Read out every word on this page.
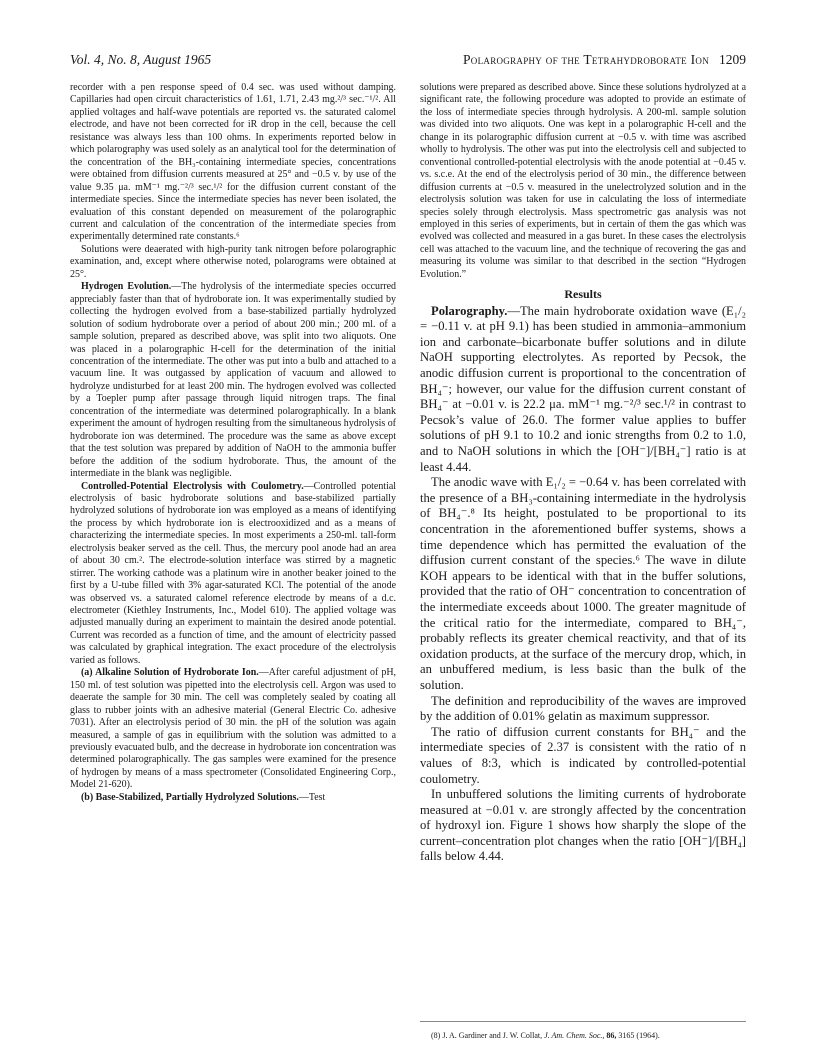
Vol. 4, No. 8, August 1965	Polarography of the Tetrahydroborate Ion 1209

recorder with a pen response speed of 0.4 sec. was used without damping. Capillaries had open circuit characteristics of 1.61, 1.71, 2.43 mg.²/³ sec.⁻¹/². All applied voltages and half-wave potentials are reported vs. the saturated calomel electrode, and have not been corrected for iR drop in the cell, because the cell resistance was always less than 100 ohms. In experiments reported below in which polarography was used solely as an analytical tool for the determination of the concentration of the BH₃-containing intermediate species, concentrations were obtained from diffusion currents measured at 25° and −0.5 v. by use of the value 9.35 μa. mM⁻¹ mg.⁻²/³ sec.¹/² for the diffusion current constant of the intermediate species. Since the intermediate species has never been isolated, the evaluation of this constant depended on measurement of the polarographic current and calculation of the concentration of the intermediate species from experimentally determined rate constants.⁶

Solutions were deaerated with high-purity tank nitrogen before polarographic examination, and, except where otherwise noted, polarograms were obtained at 25°.

Hydrogen Evolution.—The hydrolysis of the intermediate species occurred appreciably faster than that of hydroborate ion. It was experimentally studied by collecting the hydrogen evolved from a base-stabilized partially hydrolyzed solution of sodium hydroborate over a period of about 200 min.; 200 ml. of a sample solution, prepared as described above, was split into two aliquots. One was placed in a polarographic H-cell for the determination of the initial concentration of the intermediate. The other was put into a bulb and attached to a vacuum line. It was outgassed by application of vacuum and allowed to hydrolyze undisturbed for at least 200 min. The hydrogen evolved was collected by a Toepler pump after passage through liquid nitrogen traps. The final concentration of the intermediate was determined polarographically. In a blank experiment the amount of hydrogen resulting from the simultaneous hydrolysis of hydroborate ion was determined. The procedure was the same as above except that the test solution was prepared by addition of NaOH to the ammonia buffer before the addition of the sodium hydroborate. Thus, the amount of the intermediate in the blank was negligible.

Controlled-Potential Electrolysis with Coulometry.—Controlled potential electrolysis of basic hydroborate solutions and base-stabilized partially hydrolyzed solutions of hydroborate ion was employed as a means of identifying the process by which hydroborate ion is electrooxidized and as a means of characterizing the intermediate species. In most experiments a 250-ml. tall-form electrolysis beaker served as the cell. Thus, the mercury pool anode had an area of about 30 cm.². The electrode-solution interface was stirred by a magnetic stirrer. The working cathode was a platinum wire in another beaker joined to the first by a U-tube filled with 3% agar-saturated KCl. The potential of the anode was observed vs. a saturated calomel reference electrode by means of a d.c. electrometer (Kiethley Instruments, Inc., Model 610). The applied voltage was adjusted manually during an experiment to maintain the desired anode potential. Current was recorded as a function of time, and the amount of electricity passed was calculated by graphical integration. The exact procedure of the electrolysis varied as follows.

(a) Alkaline Solution of Hydroborate Ion.—After careful adjustment of pH, 150 ml. of test solution was pipetted into the electrolysis cell. Argon was used to deaerate the sample for 30 min. The cell was completely sealed by coating all glass to rubber joints with an adhesive material (General Electric Co. adhesive 7031). After an electrolysis period of 30 min. the pH of the solution was again measured, a sample of gas in equilibrium with the solution was admitted to a previously evacuated bulb, and the decrease in hydroborate ion concentration was determined polarographically. The gas samples were examined for the presence of hydrogen by means of a mass spectrometer (Consolidated Engineering Corp., Model 21-620).

(b) Base-Stabilized, Partially Hydrolyzed Solutions.—Test

solutions were prepared as described above. Since these solutions hydrolyzed at a significant rate, the following procedure was adopted to provide an estimate of the loss of intermediate species through hydrolysis. A 200-ml. sample solution was divided into two aliquots. One was kept in a polarographic H-cell and the change in its polarographic diffusion current at −0.5 v. with time was ascribed wholly to hydrolysis. The other was put into the electrolysis cell and subjected to conventional controlled-potential electrolysis with the anode potential at −0.45 v. vs. s.c.e. At the end of the electrolysis period of 30 min., the difference between diffusion currents at −0.5 v. measured in the unelectrolyzed solution and in the electrolysis solution was taken for use in calculating the loss of intermediate species solely through electrolysis. Mass spectrometric gas analysis was not employed in this series of experiments, but in certain of them the gas which was evolved was collected and measured in a gas buret. In these cases the electrolysis cell was attached to the vacuum line, and the technique of recovering the gas and measuring its volume was similar to that described in the section “Hydrogen Evolution.”

Results

Polarography.—The main hydroborate oxidation wave (E₁/₂ = −0.11 v. at pH 9.1) has been studied in ammonia–ammonium ion and carbonate–bicarbonate buffer solutions and in dilute NaOH supporting electrolytes. As reported by Pecsok, the anodic diffusion current is proportional to the concentration of BH₄⁻; however, our value for the diffusion current constant of BH₄⁻ at −0.01 v. is 22.2 μa. mM⁻¹ mg.⁻²/³ sec.¹/² in contrast to Pecsok’s value of 26.0. The former value applies to buffer solutions of pH 9.1 to 10.2 and ionic strengths from 0.2 to 1.0, and to NaOH solutions in which the [OH⁻]/[BH₄⁻] ratio is at least 4.44.

The anodic wave with E₁/₂ = −0.64 v. has been correlated with the presence of a BH₃-containing intermediate in the hydrolysis of BH₄⁻.⁸ Its height, postulated to be proportional to its concentration in the aforementioned buffer systems, shows a time dependence which has permitted the evaluation of the diffusion current constant of the species.⁶ The wave in dilute KOH appears to be identical with that in the buffer solutions, provided that the ratio of OH⁻ concentration to concentration of the intermediate exceeds about 1000. The greater magnitude of the critical ratio for the intermediate, compared to BH₄⁻, probably reflects its greater chemical reactivity, and that of its oxidation products, at the surface of the mercury drop, which, in an unbuffered medium, is less basic than the bulk of the solution.

The definition and reproducibility of the waves are improved by the addition of 0.01% gelatin as maximum suppressor.

The ratio of diffusion current constants for BH₄⁻ and the intermediate species of 2.37 is consistent with the ratio of n values of 8:3, which is indicated by controlled-potential coulometry.

In unbuffered solutions the limiting currents of hydroborate measured at −0.01 v. are strongly affected by the concentration of hydroxyl ion. Figure 1 shows how sharply the slope of the current–concentration plot changes when the ratio [OH⁻]/[BH₄] falls below 4.44.

(8) J. A. Gardiner and J. W. Collat, J. Am. Chem. Soc., 86, 3165 (1964).
